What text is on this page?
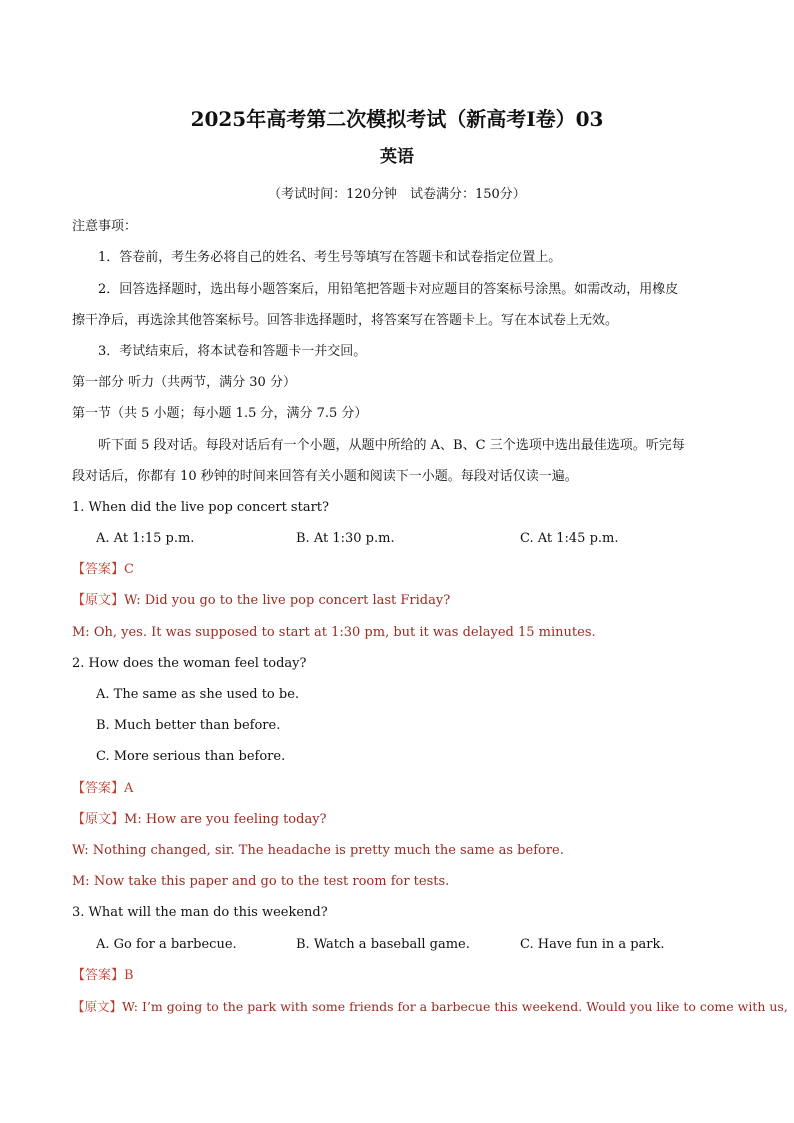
2025年高考第二次模拟考试（新高考I卷）03
英语
（考试时间：120分钟　试卷满分：150分）
注意事项：
1．答卷前，考生务必将自己的姓名、考生号等填写在答题卡和试卷指定位置上。
2．回答选择题时，选出每小题答案后，用铅笔把答题卡对应题目的答案标号涂黑。如需改动，用橡皮
擦干净后，再选涂其他答案标号。回答非选择题时，将答案写在答题卡上。写在本试卷上无效。
3．考试结束后，将本试卷和答题卡一并交回。
第一部分 听力（共两节，满分 30 分）
第一节（共 5 小题；每小题 1.5 分，满分 7.5 分）
听下面 5 段对话。每段对话后有一个小题，从题中所给的 A、B、C 三个选项中选出最佳选项。听完每
段对话后，你都有 10 秒钟的时间来回答有关小题和阅读下一小题。每段对话仅读一遍。
1. When did the live pop concert start?
A. At 1:15 p.m.	B. At 1:30 p.m.	C. At 1:45 p.m.
【答案】C
【原文】W: Did you go to the live pop concert last Friday?
M: Oh, yes. It was supposed to start at 1:30 pm, but it was delayed 15 minutes.
2. How does the woman feel today?
A. The same as she used to be.
B. Much better than before.
C. More serious than before.
【答案】A
【原文】M: How are you feeling today?
W: Nothing changed, sir. The headache is pretty much the same as before.
M: Now take this paper and go to the test room for tests.
3. What will the man do this weekend?
A. Go for a barbecue.	B. Watch a baseball game.	C. Have fun in a park.
【答案】B
【原文】W: I’m going to the park with some friends for a barbecue this weekend. Would you like to come with us,
